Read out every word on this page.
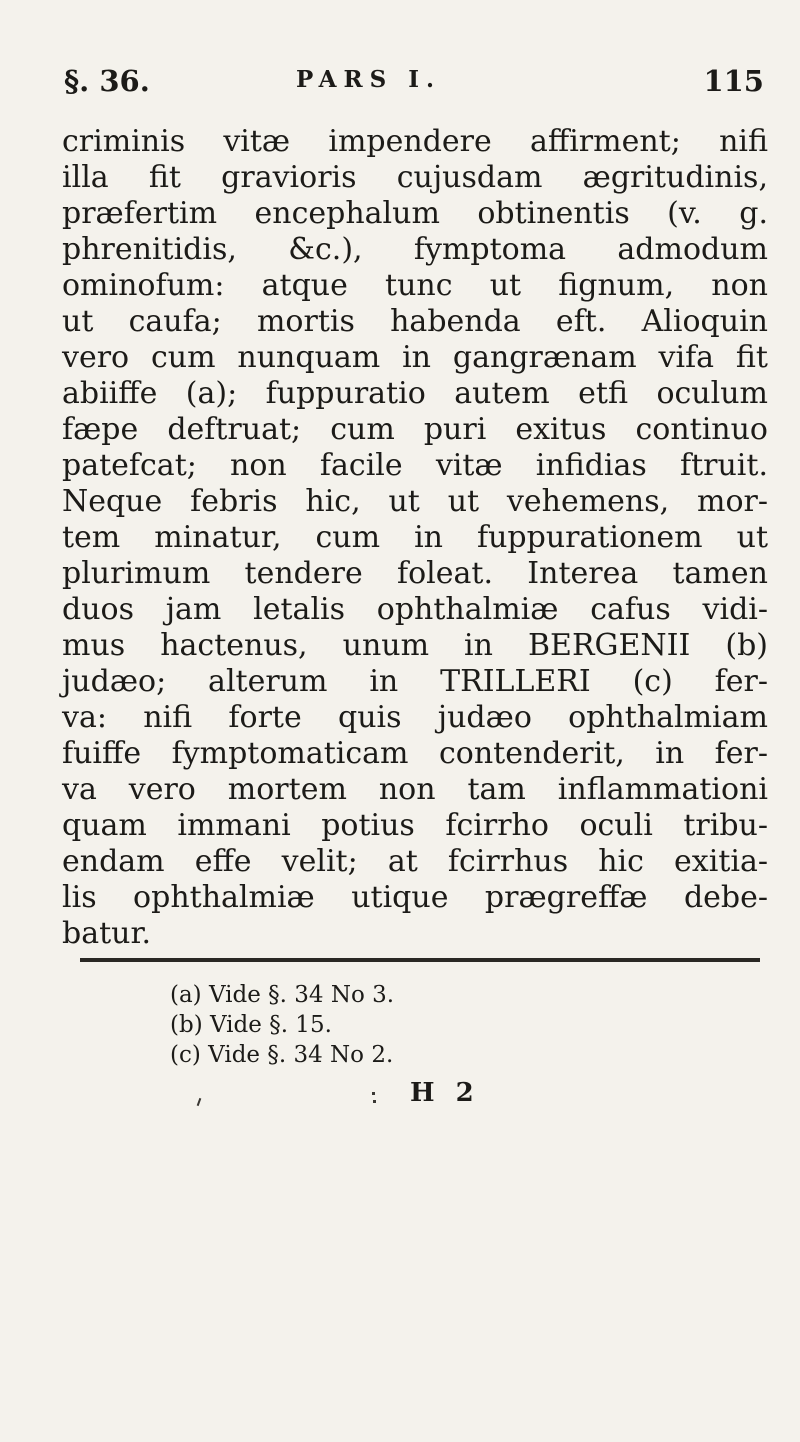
§. 36.	PARS I.	115
criminis vitæ impendere affirment; nifi
illa fit gravioris cujusdam ægritudinis,
præfertim encephalum obtinentis (v. g.
phrenitidis, &c.), fymptoma admodum
ominofum: atque tunc ut fignum, non
ut caufa; mortis habenda eft. Alioquin
vero cum nunquam in gangrænam vifa fit
abiiffe (a); fuppuratio autem etfi oculum
fæpe deftruat; cum puri exitus continuo
patefcat; non facile vitæ infidias ftruit.
Neque febris hic, ut ut vehemens, mor-
tem minatur, cum in fuppurationem ut
plurimum tendere foleat. Interea tamen
duos jam letalis ophthalmiæ cafus vidi-
mus hactenus, unum in BERGENII (b)
judæo; alterum in TRILLERI (c) fer-
va: nifi forte quis judæo ophthalmiam
fuiffe fymptomaticam contenderit, in fer-
va vero mortem non tam inflammationi
quam immani potius fcirrho oculi tribu-
endam effe velit; at fcirrhus hic exitia-
lis ophthalmiæ utique prægreffæ debe-
batur.
(a) Vide §. 34 No 3.
(b) Vide §. 15.
(c) Vide §. 34 No 2.
H 2
